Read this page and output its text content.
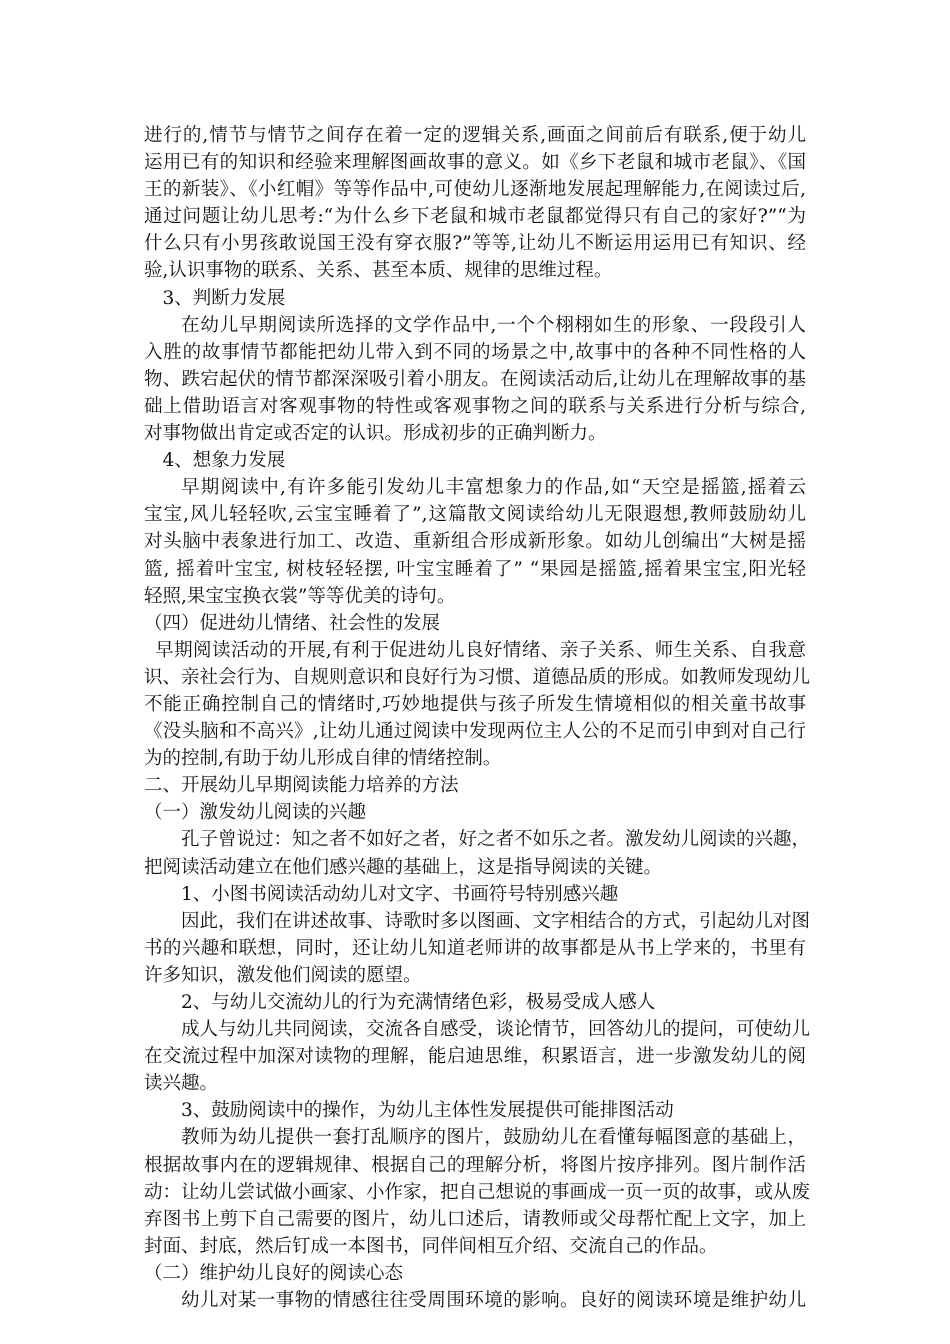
进行的,情节与情节之间存在着一定的逻辑关系,画面之间前后有联系,便于幼儿
运用已有的知识和经验来理解图画故事的意义。如《乡下老鼠和城市老鼠》、《国
王的新装》、《小红帽》等等作品中,可使幼儿逐渐地发展起理解能力,在阅读过后,
通过问题让幼儿思考:“为什么乡下老鼠和城市老鼠都觉得只有自己的家好?”“为
什么只有小男孩敢说国王没有穿衣服?”等等,让幼儿不断运用运用已有知识、经
验,认识事物的联系、关系、甚至本质、规律的思维过程。
3、判断力发展
在幼儿早期阅读所选择的文学作品中,一个个栩栩如生的形象、一段段引人
入胜的故事情节都能把幼儿带入到不同的场景之中,故事中的各种不同性格的人
物、跌宕起伏的情节都深深吸引着小朋友。在阅读活动后,让幼儿在理解故事的基
础上借助语言对客观事物的特性或客观事物之间的联系与关系进行分析与综合,
对事物做出肯定或否定的认识。形成初步的正确判断力。
4、想象力发展
早期阅读中,有许多能引发幼儿丰富想象力的作品,如“天空是摇篮,摇着云
宝宝,风儿轻轻吹,云宝宝睡着了”,这篇散文阅读给幼儿无限遐想,教师鼓励幼儿
对头脑中表象进行加工、改造、重新组合形成新形象。如幼儿创编出“大树是摇
篮, 摇着叶宝宝, 树枝轻轻摆, 叶宝宝睡着了” “果园是摇篮,摇着果宝宝,阳光轻
轻照,果宝宝换衣裳”等等优美的诗句。
（四）促进幼儿情绪、社会性的发展
早期阅读活动的开展,有利于促进幼儿良好情绪、亲子关系、师生关系、自我意
识、亲社会行为、自规则意识和良好行为习惯、道德品质的形成。如教师发现幼儿
不能正确控制自己的情绪时,巧妙地提供与孩子所发生情境相似的相关童书故事
《没头脑和不高兴》,让幼儿通过阅读中发现两位主人公的不足而引申到对自己行
为的控制,有助于幼儿形成自律的情绪控制。
二、开展幼儿早期阅读能力培养的方法
（一）激发幼儿阅读的兴趣
孔子曾说过：知之者不如好之者，好之者不如乐之者。激发幼儿阅读的兴趣，
把阅读活动建立在他们感兴趣的基础上，这是指导阅读的关键。
1、小图书阅读活动幼儿对文字、书画符号特别感兴趣
因此，我们在讲述故事、诗歌时多以图画、文字相结合的方式，引起幼儿对图
书的兴趣和联想，同时，还让幼儿知道老师讲的故事都是从书上学来的，书里有
许多知识，激发他们阅读的愿望。
2、与幼儿交流幼儿的行为充满情绪色彩，极易受成人感人
成人与幼儿共同阅读，交流各自感受，谈论情节，回答幼儿的提问，可使幼儿
在交流过程中加深对读物的理解，能启迪思维，积累语言，进一步激发幼儿的阅
读兴趣。
3、鼓励阅读中的操作，为幼儿主体性发展提供可能排图活动
教师为幼儿提供一套打乱顺序的图片，鼓励幼儿在看懂每幅图意的基础上，
根据故事内在的逻辑规律、根据自己的理解分析，将图片按序排列。图片制作活
动：让幼儿尝试做小画家、小作家，把自己想说的事画成一页一页的故事，或从废
弃图书上剪下自己需要的图片，幼儿口述后，请教师或父母帮忙配上文字，加上
封面、封底，然后钉成一本图书，同伴间相互介绍、交流自己的作品。
（二）维护幼儿良好的阅读心态
幼儿对某一事物的情感往往受周围环境的影响。良好的阅读环境是维护幼儿
